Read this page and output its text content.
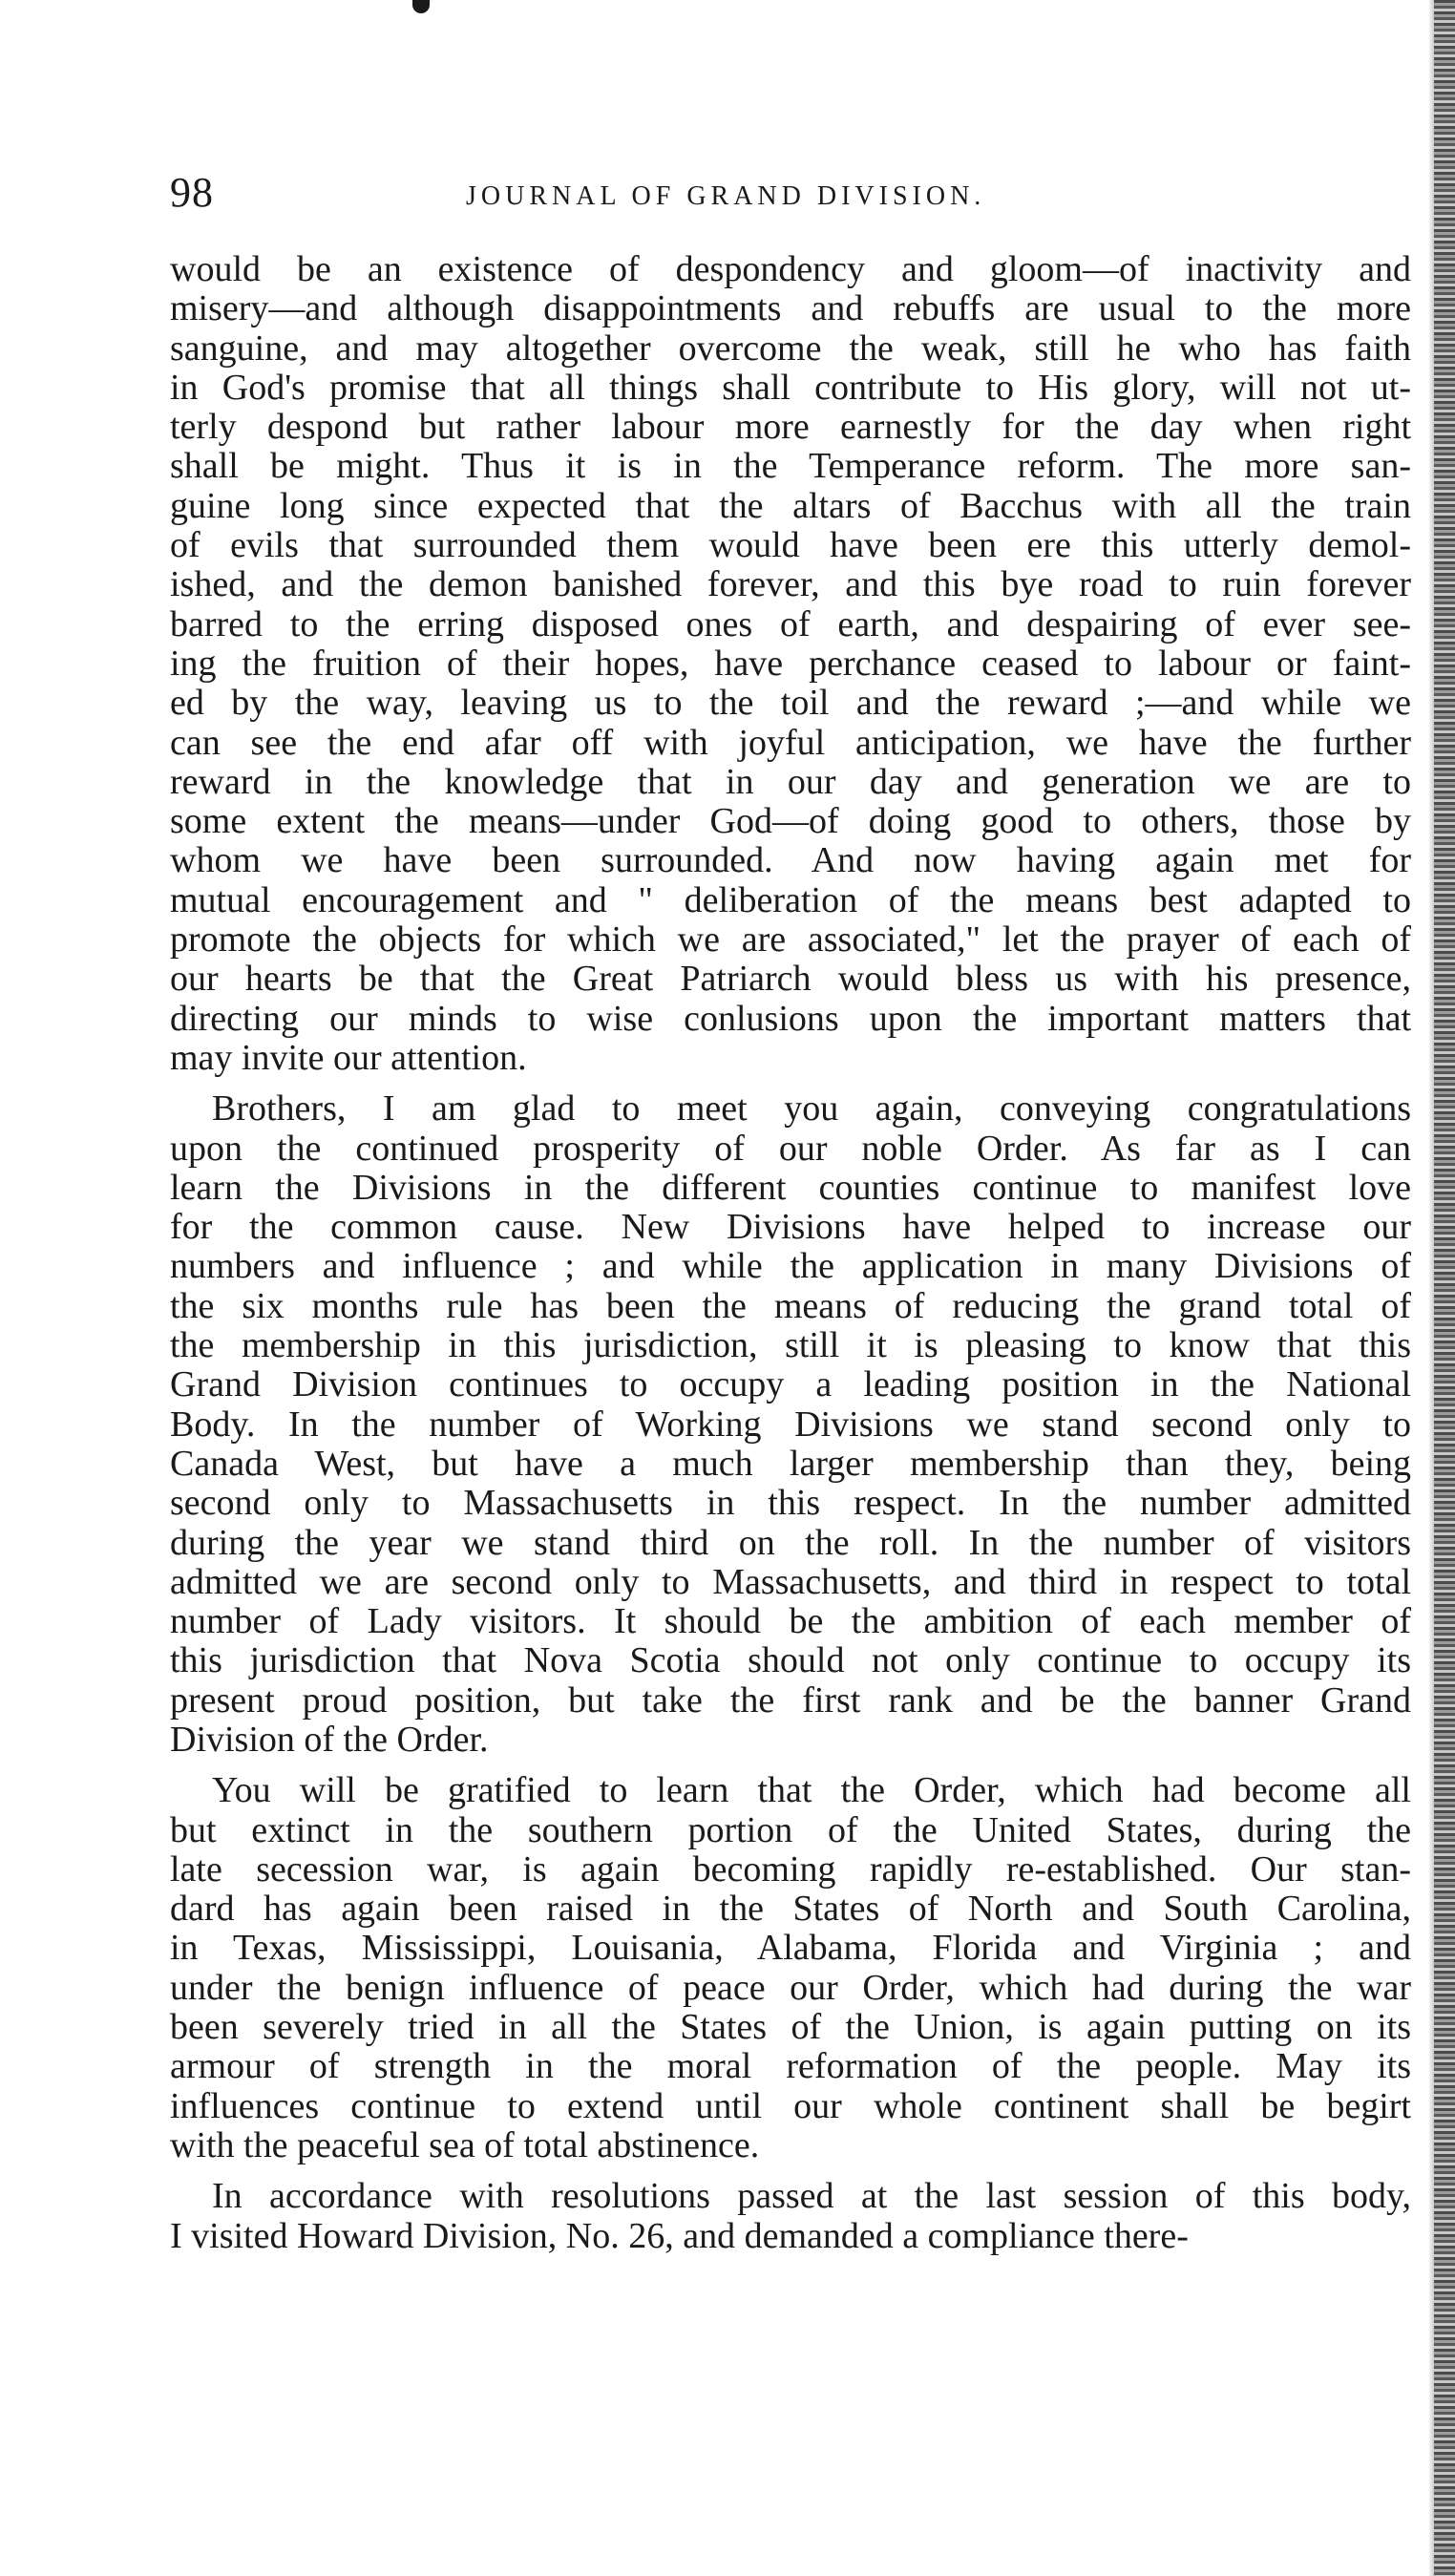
98	JOURNAL OF GRAND DIVISION.
would be an existence of despondency and gloom—of inactivity and
misery—and although disappointments and rebuffs are usual to the more
sanguine, and may altogether overcome the weak, still he who has faith
in God's promise that all things shall contribute to His glory, will not ut-
terly despond but rather labour more earnestly for the day when right
shall be might. Thus it is in the Temperance reform. The more san-
guine long since expected that the altars of Bacchus with all the train
of evils that surrounded them would have been ere this utterly demol-
ished, and the demon banished forever, and this bye road to ruin forever
barred to the erring disposed ones of earth, and despairing of ever see-
ing the fruition of their hopes, have perchance ceased to labour or faint-
ed by the way, leaving us to the toil and the reward ;—and while we
can see the end afar off with joyful anticipation, we have the further
reward in the knowledge that in our day and generation we are to
some extent the means—under God—of doing good to others, those by
whom we have been surrounded. And now having again met for
mutual encouragement and " deliberation of the means best adapted to
promote the objects for which we are associated," let the prayer of each of
our hearts be that the Great Patriarch would bless us with his presence,
directing our minds to wise conlusions upon the important matters that
may invite our attention.
Brothers, I am glad to meet you again, conveying congratulations
upon the continued prosperity of our noble Order. As far as I can
learn the Divisions in the different counties continue to manifest love
for the common cause. New Divisions have helped to increase our
numbers and influence ; and while the application in many Divisions of
the six months rule has been the means of reducing the grand total of
the membership in this jurisdiction, still it is pleasing to know that this
Grand Division continues to occupy a leading position in the National
Body. In the number of Working Divisions we stand second only to
Canada West, but have a much larger membership than they, being
second only to Massachusetts in this respect. In the number admitted
during the year we stand third on the roll. In the number of visitors
admitted we are second only to Massachusetts, and third in respect to total
number of Lady visitors. It should be the ambition of each member of
this jurisdiction that Nova Scotia should not only continue to occupy its
present proud position, but take the first rank and be the banner Grand
Division of the Order.
You will be gratified to learn that the Order, which had become all
but extinct in the southern portion of the United States, during the
late secession war, is again becoming rapidly re-established. Our stan-
dard has again been raised in the States of North and South Carolina,
in Texas, Mississippi, Louisania, Alabama, Florida and Virginia ; and
under the benign influence of peace our Order, which had during the war
been severely tried in all the States of the Union, is again putting on its
armour of strength in the moral reformation of the people. May its
influences continue to extend until our whole continent shall be begirt
with the peaceful sea of total abstinence.
In accordance with resolutions passed at the last session of this body,
I visited Howard Division, No. 26, and demanded a compliance there-
